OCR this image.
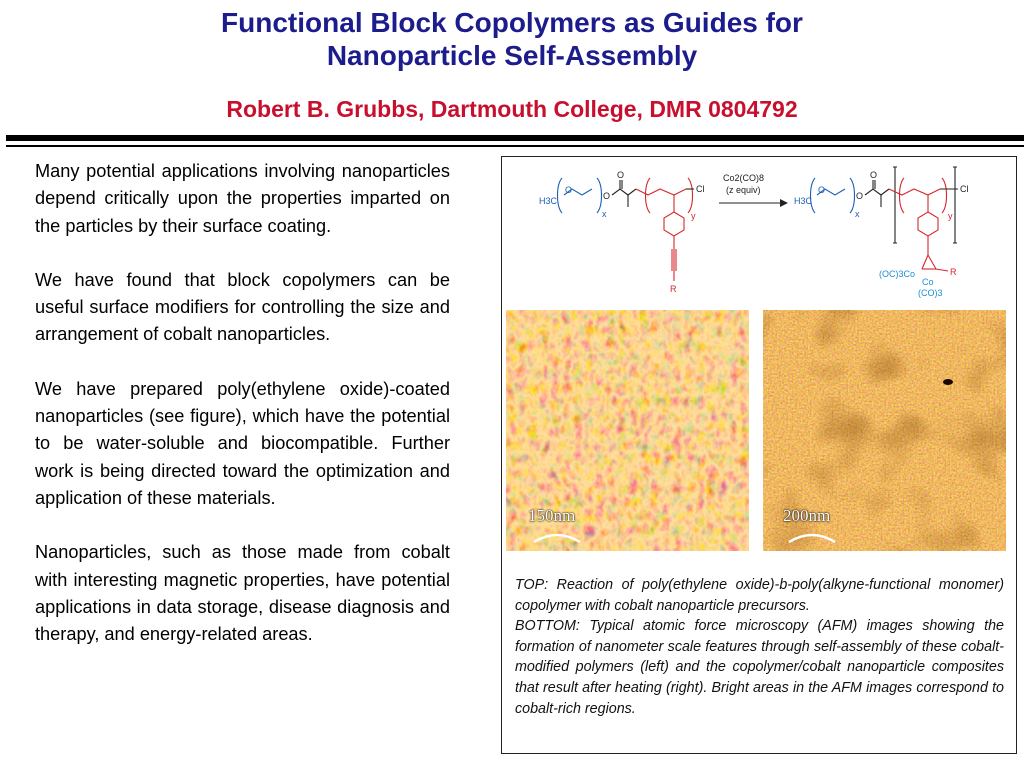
Functional Block Copolymers as Guides for
Nanoparticle Self-Assembly
Robert B. Grubbs, Dartmouth College, DMR 0804792

Many potential applications involving nanoparticles depend critically upon the properties imparted on the particles by their surface coating.

We have found that block copolymers can be useful surface modifiers for controlling the size and arrangement of cobalt nanoparticles.

We have prepared poly(ethylene oxide)-coated nanoparticles (see figure), which have the potential to be water-soluble and biocompatible. Further work is being directed toward the optimization and application of these materials.

Nanoparticles, such as those made from cobalt with interesting magnetic properties, have potential applications in data storage, disease diagnosis and therapy, and energy-related areas.

H3C
O
x
O
O
Cl
y
R
Co2(CO)8
(z equiv)
H3C
O
x
O
O
Cl
y
R
(OC)3Co
Co
(CO)3
150nm	200nm

TOP: Reaction of poly(ethylene oxide)-b-poly(alkyne-functional monomer) copolymer with cobalt nanoparticle precursors.

BOTTOM: Typical atomic force microscopy (AFM) images showing the formation of nanometer scale features through self-assembly of these cobalt-modified polymers (left) and the copolymer/cobalt nanoparticle composites that result after heating (right). Bright areas in the AFM images correspond to cobalt-rich regions.
